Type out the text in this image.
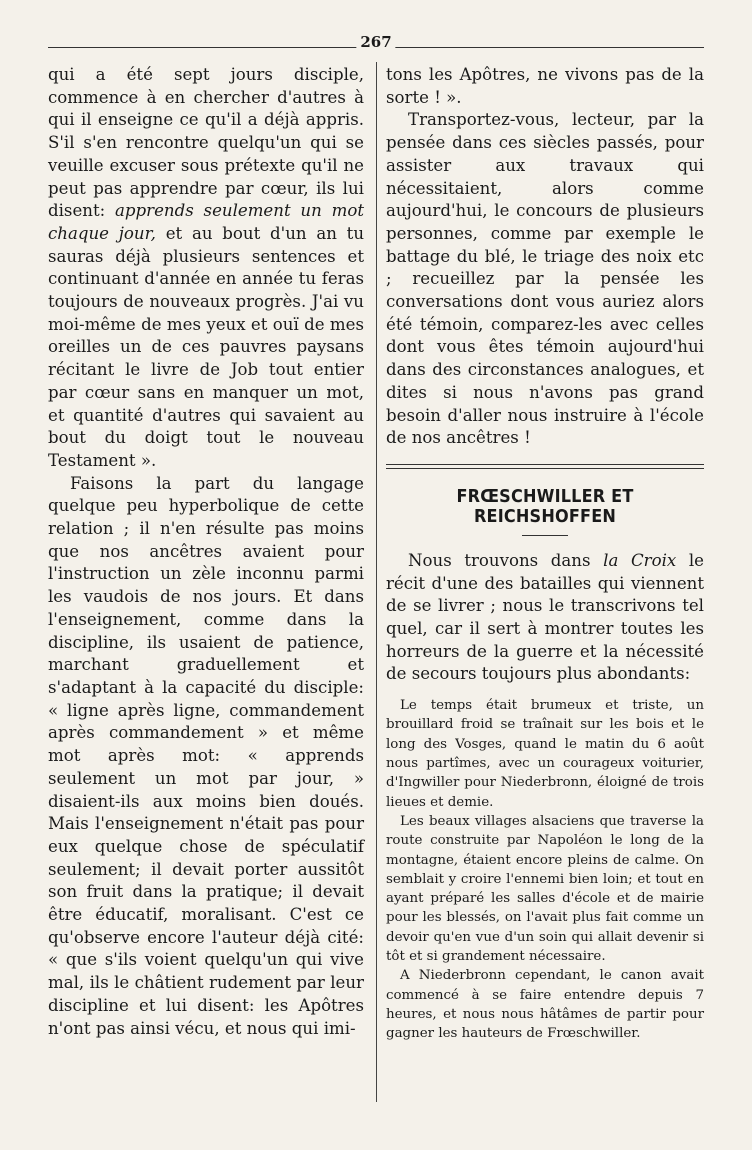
267

qui a été sept jours disciple, commence à en chercher d'autres à qui il enseigne ce qu'il a déjà appris. S'il s'en rencontre quelqu'un qui se veuille excuser sous prétexte qu'il ne peut pas apprendre par cœur, ils lui disent: apprends seulement un mot chaque jour, et au bout d'un an tu sauras déjà plusieurs sentences et continuant d'année en année tu feras toujours de nouveaux progrès. J'ai vu moi-même de mes yeux et ouï de mes oreilles un de ces pauvres paysans récitant le livre de Job tout entier par cœur sans en manquer un mot, et quantité d'autres qui savaient au bout du doigt tout le nouveau Testament ».

Faisons la part du langage quelque peu hyperbolique de cette relation ; il n'en résulte pas moins que nos ancêtres avaient pour l'instruction un zèle inconnu parmi les vaudois de nos jours. Et dans l'enseignement, comme dans la discipline, ils usaient de patience, marchant graduellement et s'adaptant à la capacité du disciple: « ligne après ligne, commandement après commandement » et même mot après mot: « apprends seulement un mot par jour, » disaient-ils aux moins bien doués. Mais l'enseignement n'était pas pour eux quelque chose de spéculatif seulement; il devait porter aussitôt son fruit dans la pratique; il devait être éducatif, moralisant. C'est ce qu'observe encore l'auteur déjà cité: « que s'ils voient quelqu'un qui vive mal, ils le châtient rudement par leur discipline et lui disent: les Apôtres n'ont pas ainsi vécu, et nous qui imi-

tons les Apôtres, ne vivons pas de la sorte ! ».

Transportez-vous, lecteur, par la pensée dans ces siècles passés, pour assister aux travaux qui nécessitaient, alors comme aujourd'hui, le concours de plusieurs personnes, comme par exemple le battage du blé, le triage des noix etc ; recueillez par la pensée les conversations dont vous auriez alors été témoin, comparez-les avec celles dont vous êtes témoin aujourd'hui dans des circonstances analogues, et dites si nous n'avons pas grand besoin d'aller nous instruire à l'école de nos ancêtres !

FRŒSCHWILLER ET REICHSHOFFEN

Nous trouvons dans la Croix le récit d'une des batailles qui viennent de se livrer ; nous le transcrivons tel quel, car il sert à montrer toutes les horreurs de la guerre et la nécessité de secours toujours plus abondants:

Le temps était brumeux et triste, un brouillard froid se traînait sur les bois et le long des Vosges, quand le matin du 6 août nous partîmes, avec un courageux voiturier, d'Ingwiller pour Niederbronn, éloigné de trois lieues et demie.

Les beaux villages alsaciens que traverse la route construite par Napoléon le long de la montagne, étaient encore pleins de calme. On semblait y croire l'ennemi bien loin; et tout en ayant préparé les salles d'école et de mairie pour les blessés, on l'avait plus fait comme un devoir qu'en vue d'un soin qui allait devenir si tôt et si grandement nécessaire.

A Niederbronn cependant, le canon avait commencé à se faire entendre depuis 7 heures, et nous nous hâtâmes de partir pour gagner les hauteurs de Frœschwiller.
